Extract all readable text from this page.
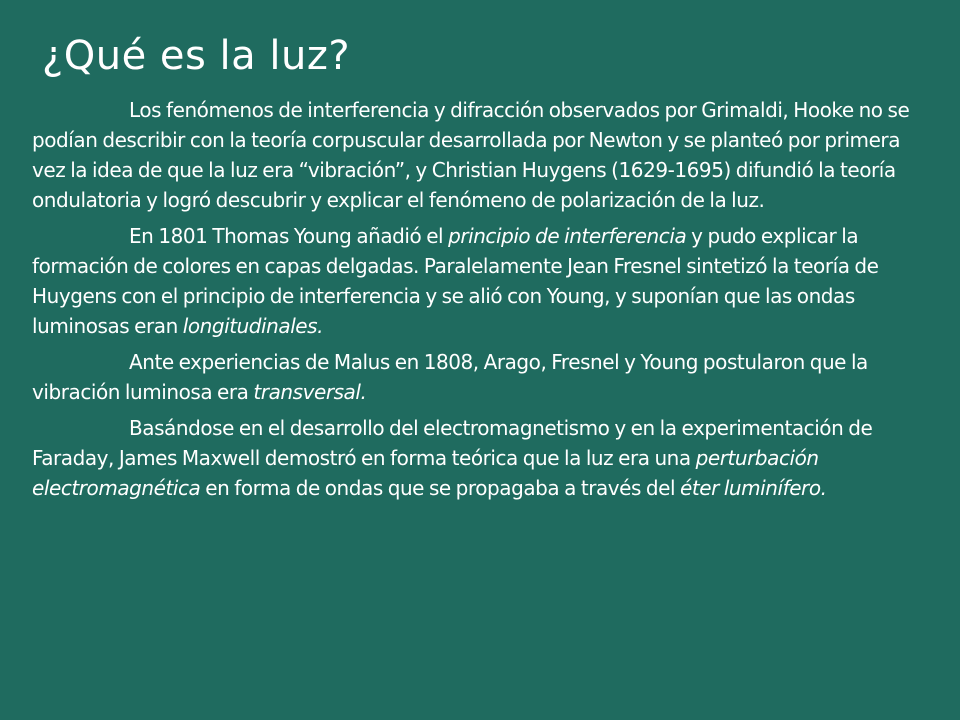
¿Qué es la luz?

Los fenómenos de interferencia y difracción observados por Grimaldi, Hooke no se podían describir con la teoría corpuscular desarrollada por Newton y se planteó por primera vez la idea de que la luz era “vibración”, y Christian Huygens (1629-1695) difundió la teoría ondulatoria y logró descubrir y explicar el fenómeno de polarización de la luz.

En 1801 Thomas Young añadió el principio de interferencia y pudo explicar la formación de colores en capas delgadas. Paralelamente Jean Fresnel sintetizó la teoría de Huygens con el principio de interferencia y se alió con Young, y suponían que las ondas luminosas eran longitudinales.

Ante experiencias de Malus en 1808, Arago, Fresnel y Young postularon que la vibración luminosa era transversal.

Basándose en el desarrollo del electromagnetismo y en la experimentación de Faraday, James Maxwell demostró en forma teórica que la luz era una perturbación electromagnética en forma de ondas que se propagaba a través del éter luminífero.
